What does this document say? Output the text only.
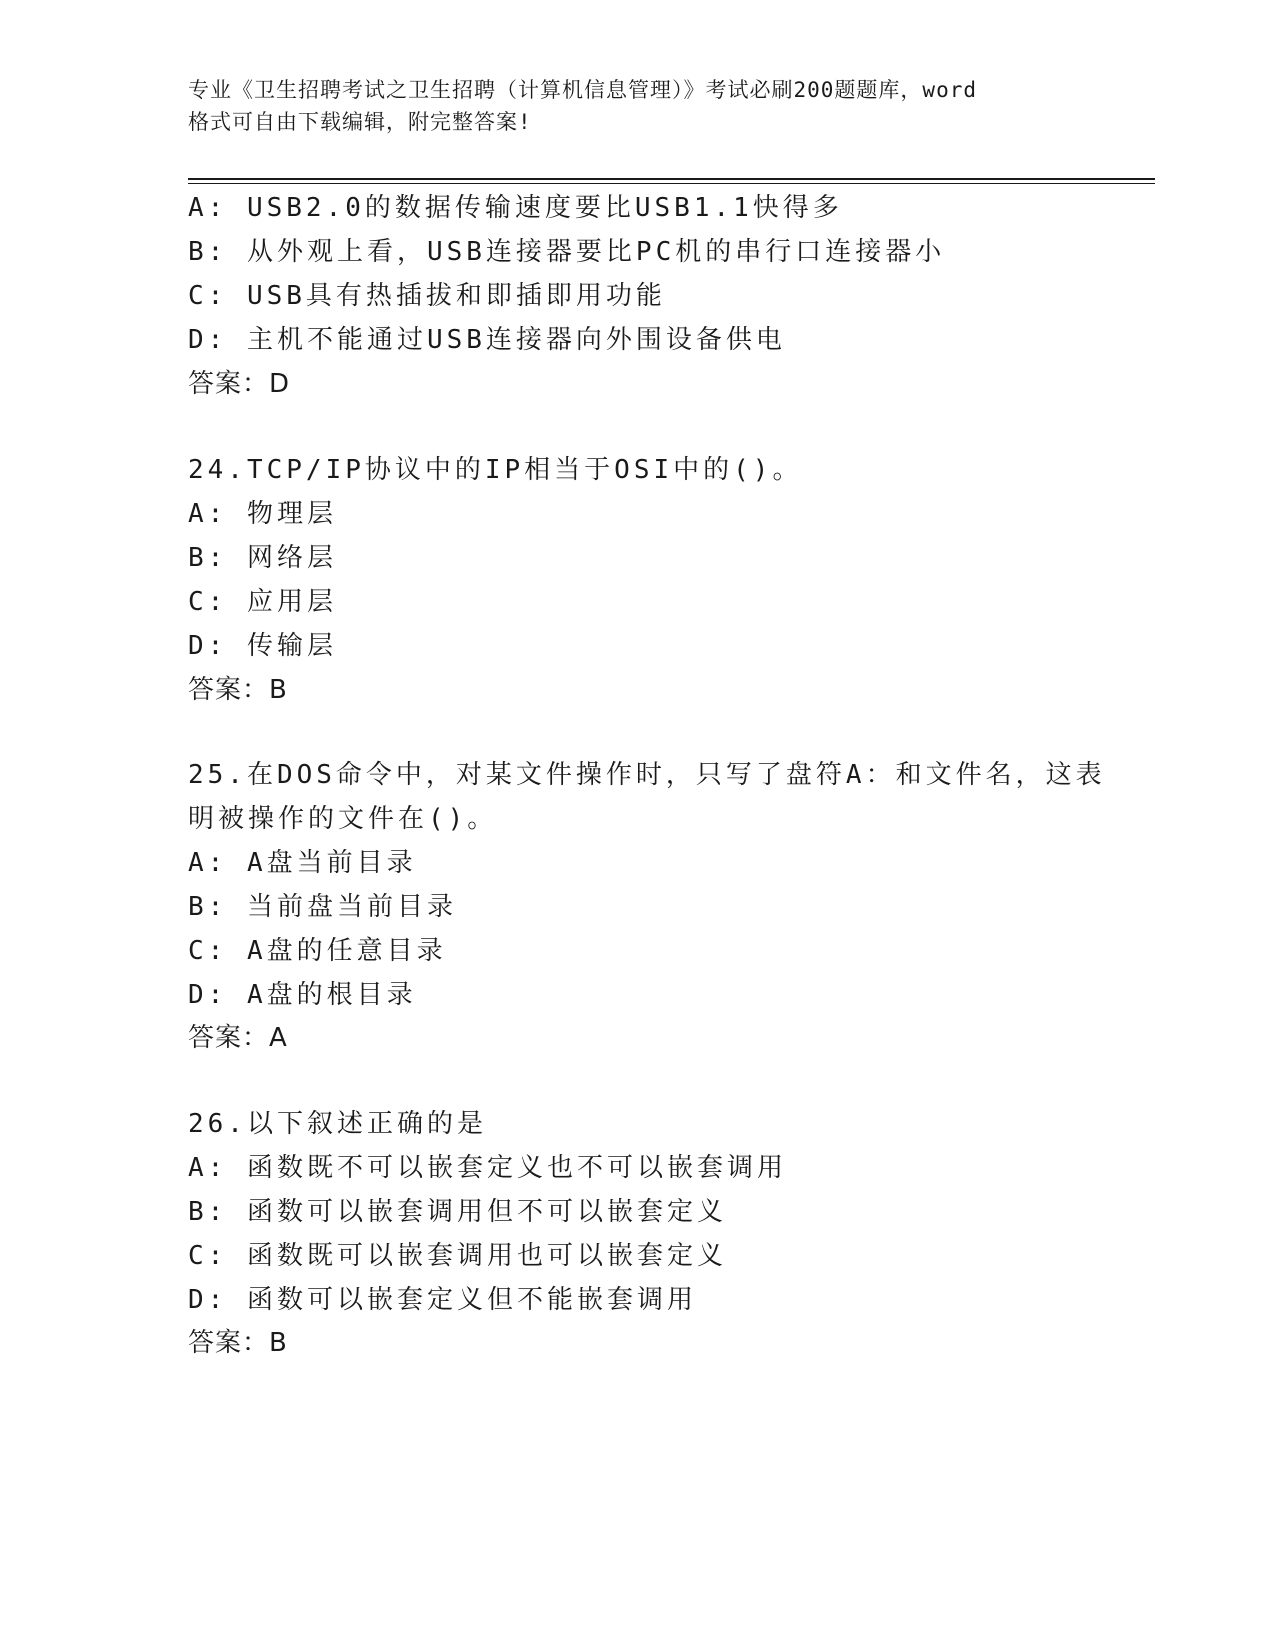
专业《卫生招聘考试之卫生招聘（计算机信息管理）》考试必刷200题题库，word
格式可自由下载编辑，附完整答案!
A: USB2.0的数据传输速度要比USB1.1快得多
B: 从外观上看，USB连接器要比PC机的串行口连接器小
C: USB具有热插拔和即插即用功能
D: 主机不能通过USB连接器向外围设备供电
答案：D
24.TCP/IP协议中的IP相当于OSI中的()。
A: 物理层
B: 网络层
C: 应用层
D: 传输层
答案：B
25.在DOS命令中，对某文件操作时，只写了盘符A：和文件名，这表
明被操作的文件在()。
A: A盘当前目录
B: 当前盘当前目录
C: A盘的任意目录
D: A盘的根目录
答案：A
26.以下叙述正确的是
A: 函数既不可以嵌套定义也不可以嵌套调用
B: 函数可以嵌套调用但不可以嵌套定义
C: 函数既可以嵌套调用也可以嵌套定义
D: 函数可以嵌套定义但不能嵌套调用
答案：B
